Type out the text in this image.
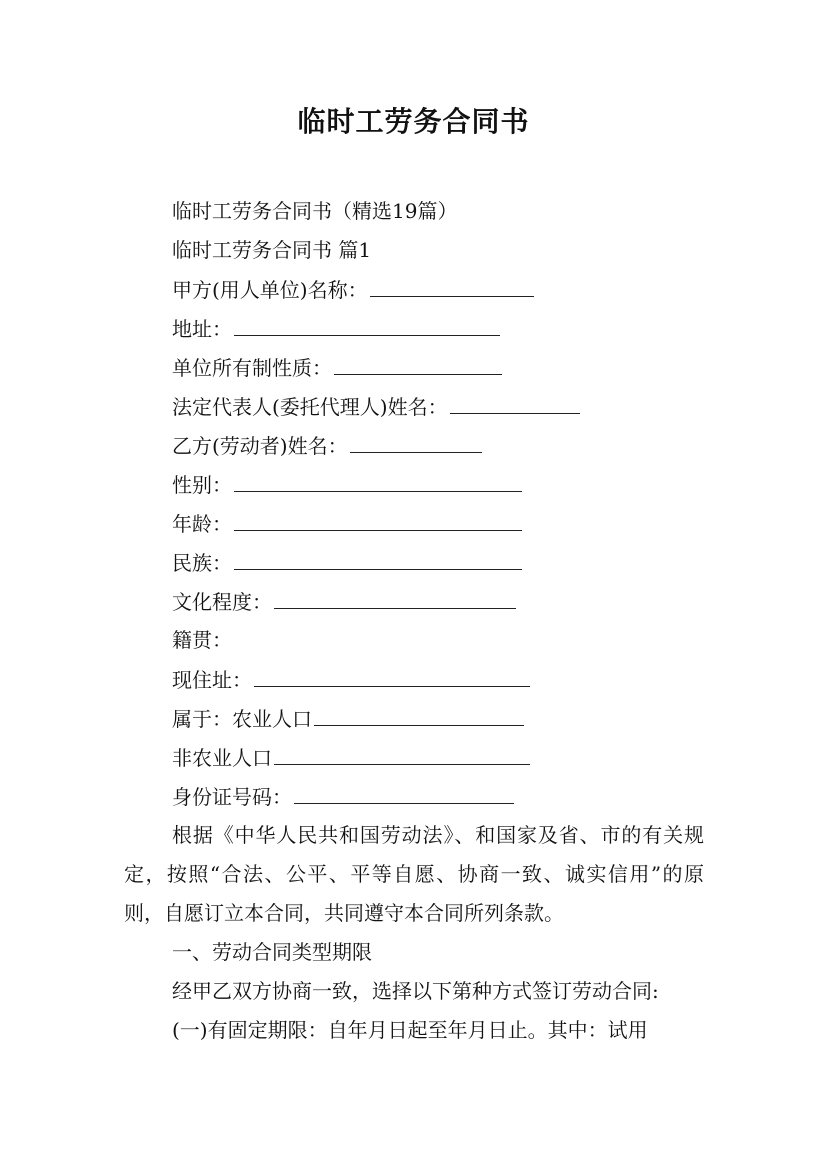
临时工劳务合同书
临时工劳务合同书（精选19篇）
临时工劳务合同书 篇1
甲方(用人单位)名称：
地址：
单位所有制性质：
法定代表人(委托代理人)姓名：
乙方(劳动者)姓名：
性别：
年龄：
民族：
文化程度：
籍贯：
现住址：
属于：农业人口
非农业人口
身份证号码：
根据《中华人民共和国劳动法》、和国家及省、市的有关规定，按照“合法、公平、平等自愿、协商一致、诚实信用”的原则，自愿订立本合同，共同遵守本合同所列条款。
一、劳动合同类型期限
经甲乙双方协商一致，选择以下第种方式签订劳动合同:
(一)有固定期限：自年月日起至年月日止。其中：试用
